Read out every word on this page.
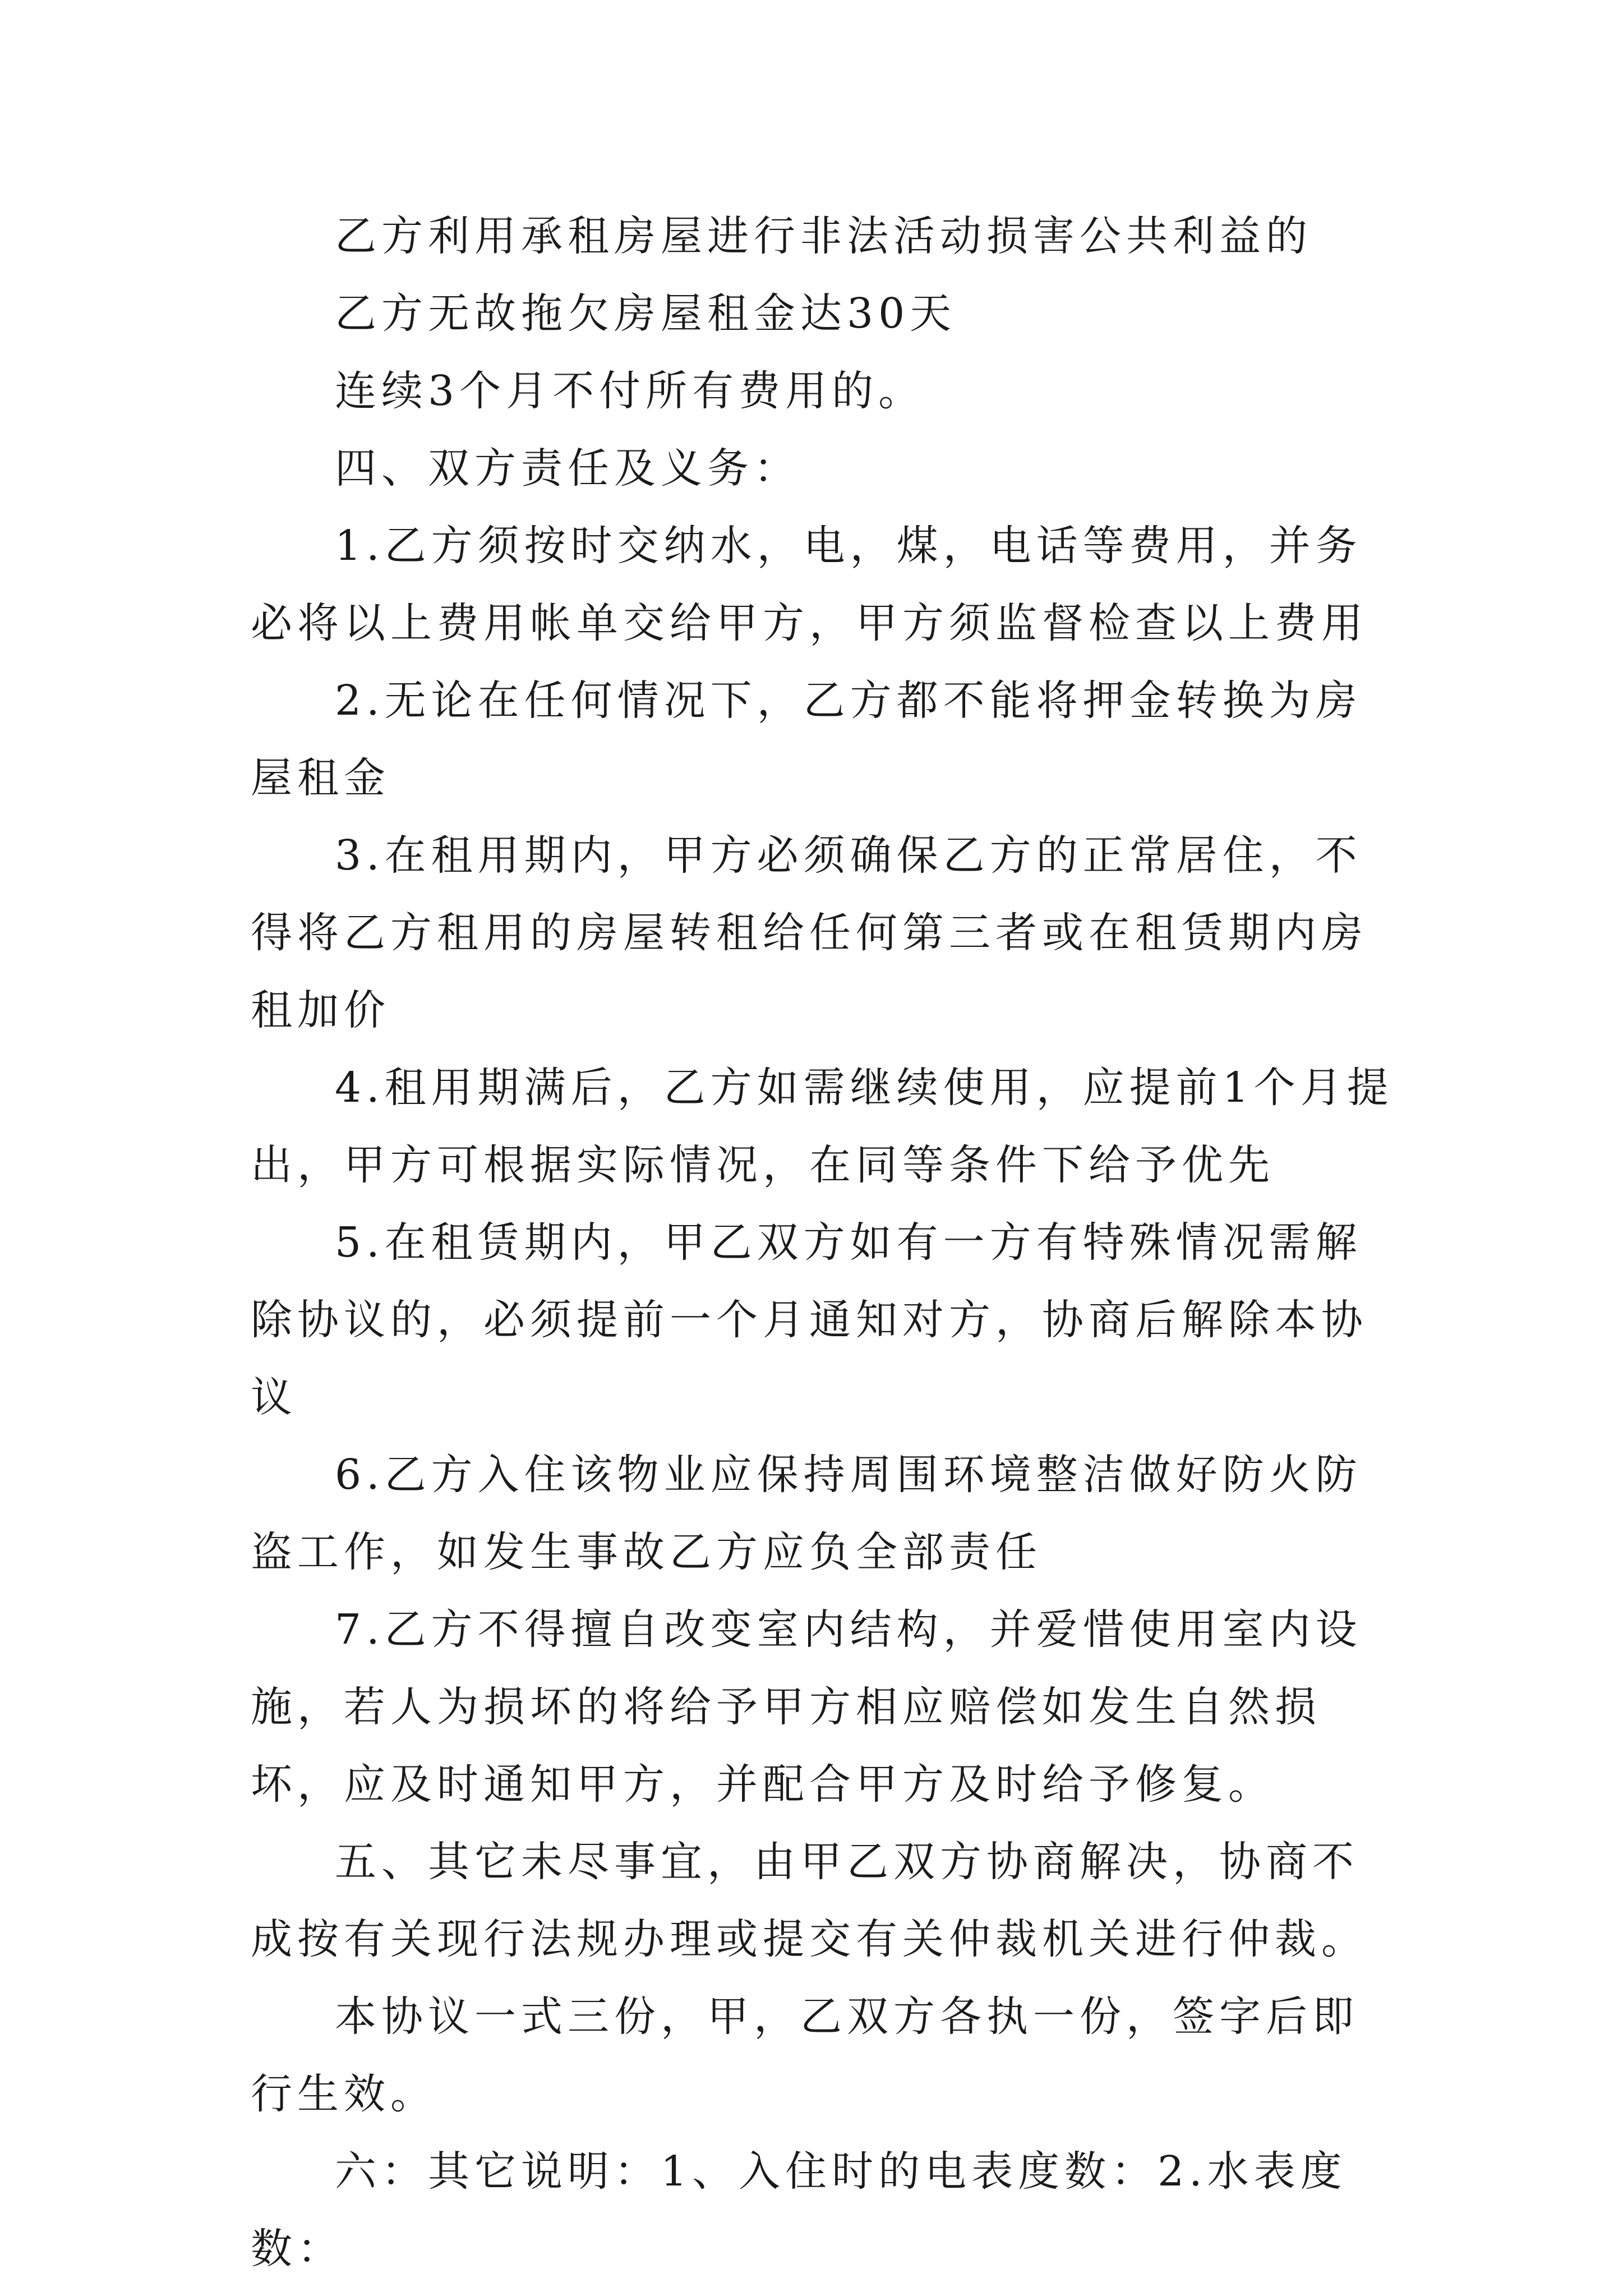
乙方利用承租房屋进行非法活动损害公共利益的

乙方无故拖欠房屋租金达30天

连续3个月不付所有费用的。

四、双方责任及义务：

1.乙方须按时交纳水，电，煤，电话等费用，并务必将以上费用帐单交给甲方，甲方须监督检查以上费用

2.无论在任何情况下，乙方都不能将押金转换为房屋租金

3.在租用期内，甲方必须确保乙方的正常居住，不得将乙方租用的房屋转租给任何第三者或在租赁期内房租加价

4.租用期满后，乙方如需继续使用，应提前1个月提出，甲方可根据实际情况，在同等条件下给予优先

5.在租赁期内，甲乙双方如有一方有特殊情况需解除协议的，必须提前一个月通知对方，协商后解除本协议

6.乙方入住该物业应保持周围环境整洁做好防火防盗工作，如发生事故乙方应负全部责任

7.乙方不得擅自改变室内结构，并爱惜使用室内设施，若人为损坏的将给予甲方相应赔偿如发生自然损坏，应及时通知甲方，并配合甲方及时给予修复。

五、其它未尽事宜，由甲乙双方协商解决，协商不成按有关现行法规办理或提交有关仲裁机关进行仲裁。

本协议一式三份，甲，乙双方各执一份，签字后即行生效。

六：其它说明：1、入住时的电表度数：2.水表度数：
